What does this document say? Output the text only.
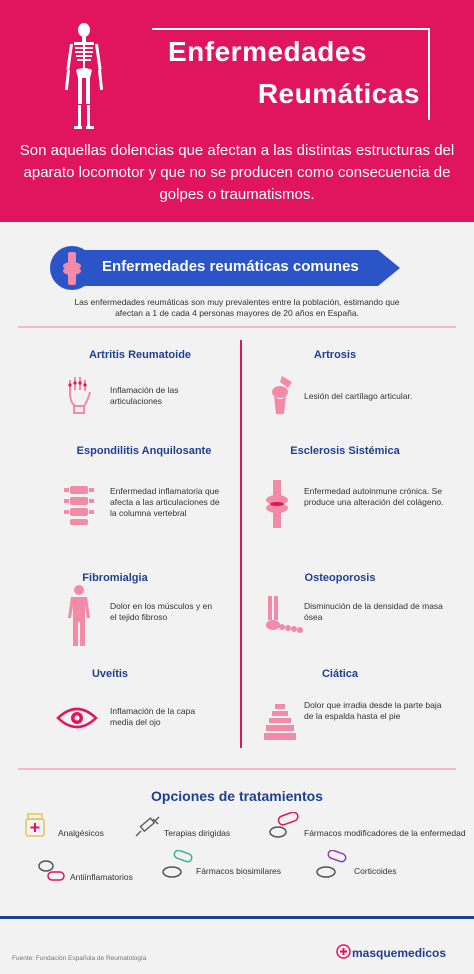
Enfermedades
Reumáticas
Son aquellas dolencias que afectan a las distintas estructuras del aparato locomotor y que no se producen como consecuencia de golpes o traumatismos.
Enfermedades reumáticas comunes
Las enfermedades reumáticas son muy prevalentes entre la población, estimando que afectan a 1 de cada 4 personas mayores de 20 años en España.
Artritis Reumatoide
Inflamación de las articulaciones
Artrosis
Lesión del cartílago articular.
Espondilitis Anquilosante
Enfermedad inflamatoria que afecta a las articulaciones de la columna vertebral
Esclerosis Sistémica
Enfermedad autoinmune crónica. Se produce una alteración del colágeno.
Fibromialgia
Dolor en los músculos y en el tejido fibroso
Osteoporosis
Disminución de la densidad de masa ósea
Uveítis
Inflamación de la capa media del ojo
Ciática
Dolor que irradia desde la parte baja de la espalda hasta el pie
Opciones de tratamientos
Analgésicos	Terapias dirigidas	Fármacos modificadores de la enfermedad
Antiinflamatorios
Fármacos biosimilares	Corticoides
Fuente: Fundación Española de Reumatología	masquemedicos
